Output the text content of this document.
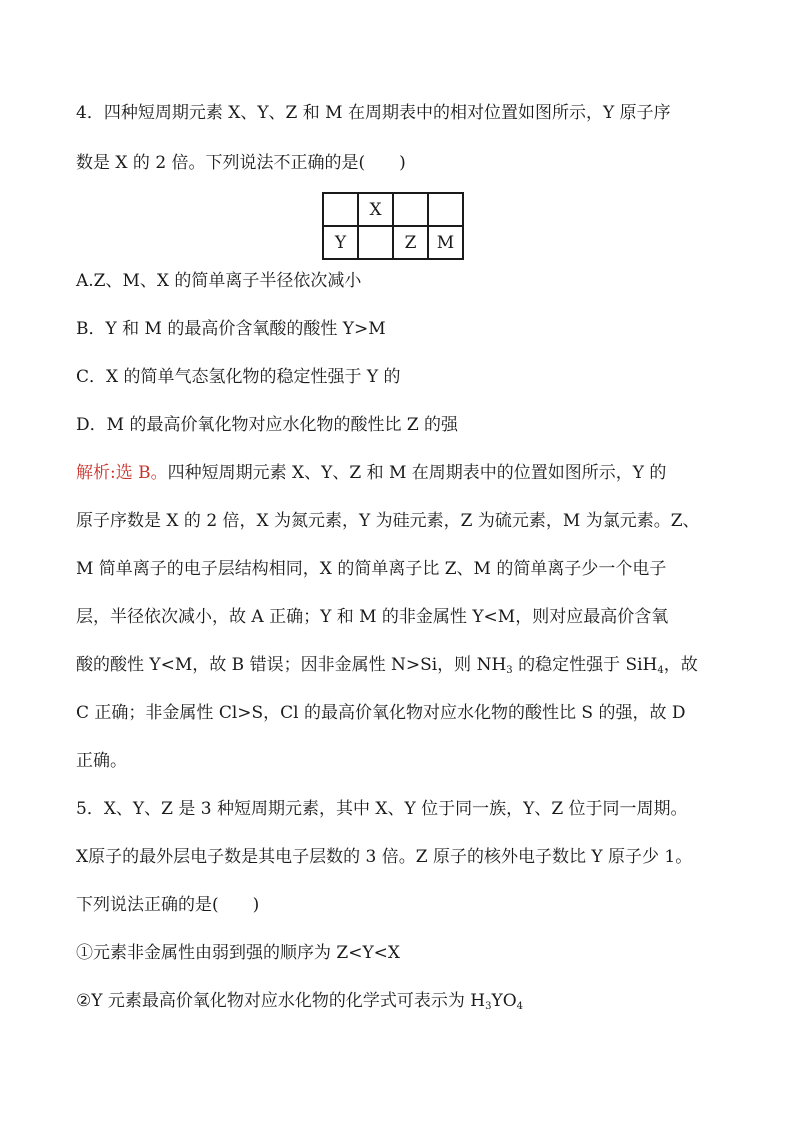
4．四种短周期元素 X、Y、Z 和 M 在周期表中的相对位置如图所示，Y 原子序
数是 X 的 2 倍。下列说法不正确的是(　　)
	X		
Y		Z	M
A.Z、M、X 的简单离子半径依次减小
B．Y 和 M 的最高价含氧酸的酸性 Y>M
C．X 的简单气态氢化物的稳定性强于 Y 的
D．M 的最高价氧化物对应水化物的酸性比 Z 的强
解析:选 B。四种短周期元素 X、Y、Z 和 M 在周期表中的位置如图所示，Y 的
原子序数是 X 的 2 倍，X 为氮元素，Y 为硅元素，Z 为硫元素，M 为氯元素。Z、
M 简单离子的电子层结构相同，X 的简单离子比 Z、M 的简单离子少一个电子
层，半径依次减小，故 A 正确；Y 和 M 的非金属性 Y<M，则对应最高价含氧
酸的酸性 Y<M，故 B 错误；因非金属性 N>Si，则 $NH_3$ 的稳定性强于 SiH$_4$，故
C 正确；非金属性 Cl>S，Cl 的最高价氧化物对应水化物的酸性比 S 的强，故 D
正确。
5．X、Y、Z 是 3 种短周期元素，其中 X、Y 位于同一族，Y、Z 位于同一周期。
X原子的最外层电子数是其电子层数的 3 倍。Z 原子的核外电子数比 Y 原子少 1。
下列说法正确的是(　　)
①元素非金属性由弱到强的顺序为 Z<Y<X
②Y 元素最高价氧化物对应水化物的化学式可表示为 $H_3YO_4$
